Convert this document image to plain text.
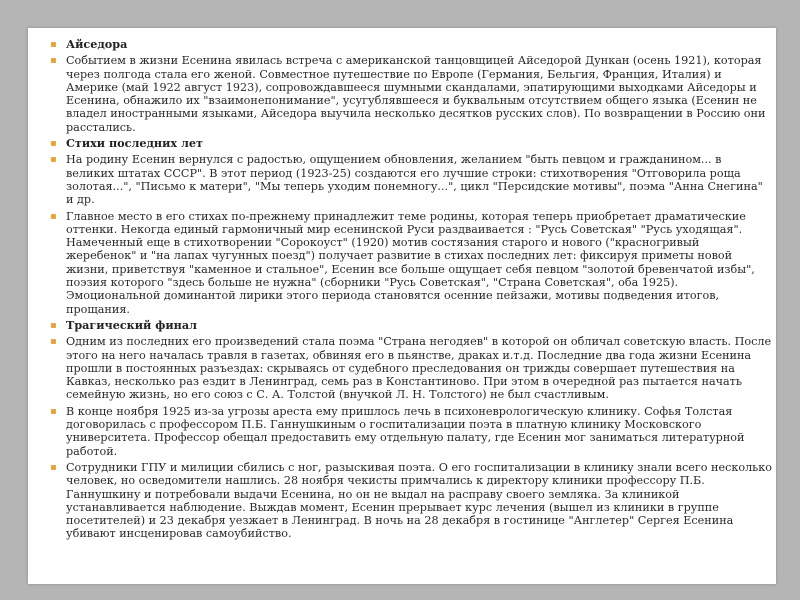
Айседора
Событием в жизни Есенина явилась встреча с американской танцовщицей Айседорой Дункан (осень 1921), которая через полгода стала его женой. Совместное путешествие по Европе (Германия, Бельгия, Франция, Италия) и Америке (май 1922 август 1923), сопровождавшееся шумными скандалами, эпатирующими выходками Айседоры и Есенина, обнажило их "взаимонепонимание", усугублявшееся и буквальным отсутствием общего языка (Есенин не владел иностранными языками, Айседора выучила несколько десятков русских слов). По возвращении в Россию они расстались.
Стихи последних лет
На родину Есенин вернулся с радостью, ощущением обновления, желанием "быть певцом и гражданином... в великих штатах СССР". В этот период (1923-25) создаются его лучшие строки: стихотворения "Отговорила роща золотая...", "Письмо к матери", "Мы теперь уходим понемногу...", цикл "Персидские мотивы", поэма "Анна Снегина" и др.
Главное место в его стихах по-прежнему принадлежит теме родины, которая теперь приобретает драматические оттенки. Некогда единый гармоничный мир есенинской Руси раздваивается : "Русь Советская" "Русь уходящая". Намеченный еще в стихотворении "Сорокоуст" (1920) мотив состязания старого и нового ("красногривый жеребенок" и "на лапах чугунных поезд") получает развитие в стихах последних лет: фиксируя приметы новой жизни, приветствуя "каменное и стальное", Есенин все больше ощущает себя певцом "золотой бревенчатой избы", поэзия которого "здесь больше не нужна" (сборники "Русь Советская", "Страна Советская", оба 1925). Эмоциональной доминантой лирики этого периода становятся осенние пейзажи, мотивы подведения итогов, прощания.
Трагический финал
Одним из последних его произведений стала поэма "Страна негодяев" в которой он обличал советскую власть. После этого на него началась травля в газетах, обвиняя его в пьянстве, драках и.т.д. Последние два года жизни Есенина прошли в постоянных разъездах: скрываясь от судебного преследования он трижды совершает путешествия на Кавказ, несколько раз ездит в Ленинград, семь раз в Константиново. При этом в очередной раз пытается начать семейную жизнь, но его союз с С. А. Толстой (внучкой Л. Н. Толстого) не был счастливым.
В конце ноября 1925 из-за угрозы ареста ему пришлось лечь в психоневрологическую клинику. Софья Толстая договорилась с профессором П.Б. Ганнушкиным о госпитализации поэта в платную клинику Московского университета. Профессор обещал предоставить ему отдельную палату, где Есенин мог заниматься литературной работой.
Сотрудники ГПУ и милиции сбились с ног, разыскивая поэта. О его госпитализации в клинику знали всего несколько человек, но осведомители нашлись. 28 ноября чекисты примчались к директору клиники профессору П.Б. Ганнушкину и потребовали выдачи Есенина, но он не выдал на расправу своего земляка. За клиникой устанавливается наблюдение. Выждав момент, Есенин прерывает курс лечения (вышел из клиники в группе посетителей) и 23 декабря уезжает в Ленинград. В ночь на 28 декабря в гостинице "Англетер" Сергея Есенина убивают инсценировав самоубийство.
